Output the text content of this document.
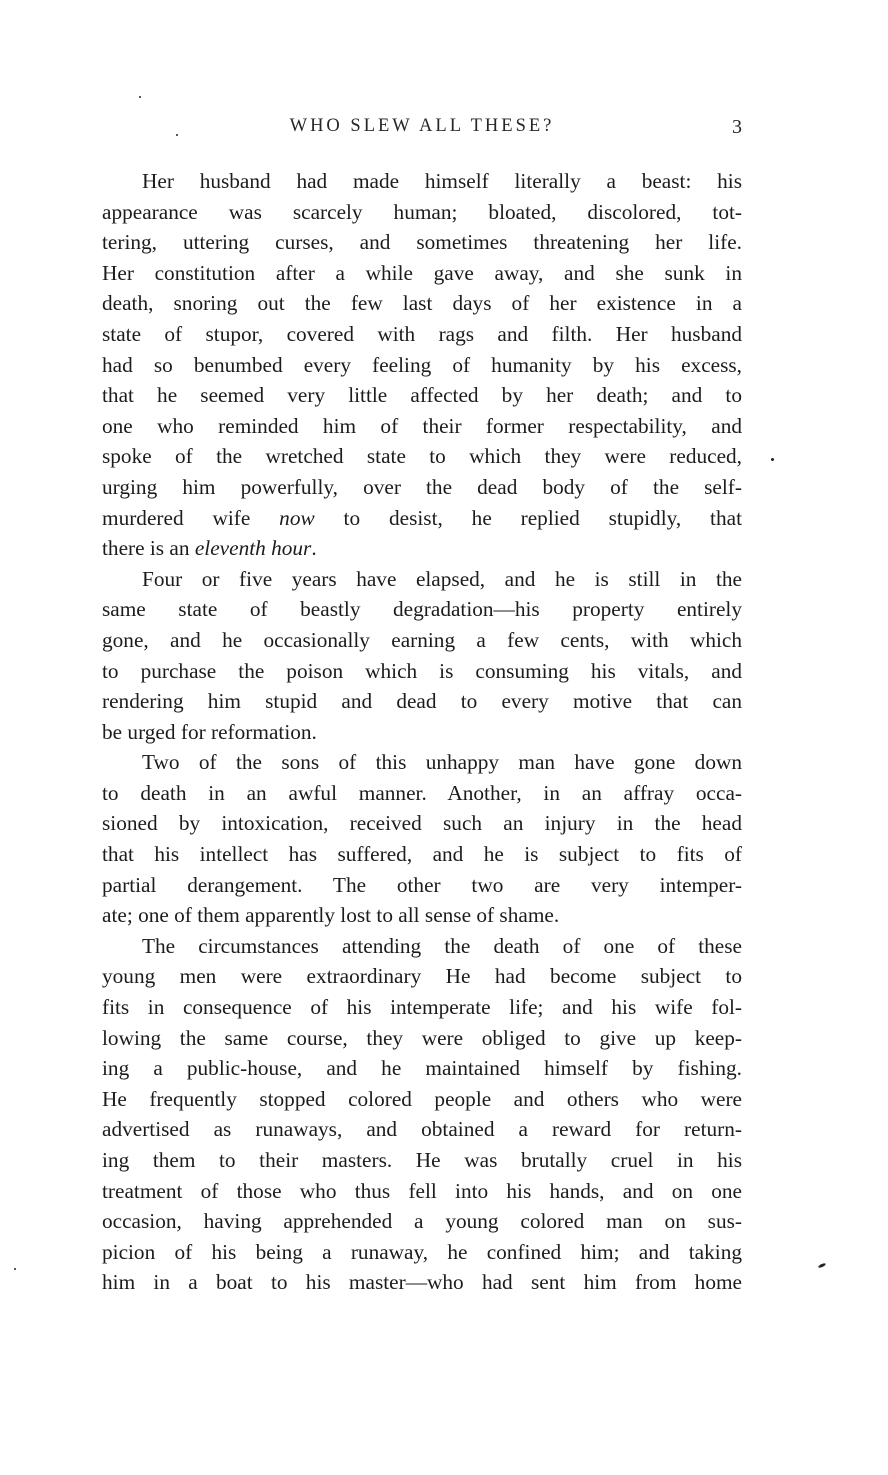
WHO SLEW ALL THESE?	3
Her husband had made himself literally a beast: his
appearance was scarcely human; bloated, discolored, tot-
tering, uttering curses, and sometimes threatening her life.
Her constitution after a while gave away, and she sunk in
death, snoring out the few last days of her existence in a
state of stupor, covered with rags and filth. Her husband
had so benumbed every feeling of humanity by his excess,
that he seemed very little affected by her death; and to
one who reminded him of their former respectability, and
spoke of the wretched state to which they were reduced,
urging him powerfully, over the dead body of the self-
murdered wife now to desist, he replied stupidly, that
there is an eleventh hour.
Four or five years have elapsed, and he is still in the
same state of beastly degradation—his property entirely
gone, and he occasionally earning a few cents, with which
to purchase the poison which is consuming his vitals, and
rendering him stupid and dead to every motive that can
be urged for reformation.
Two of the sons of this unhappy man have gone down
to death in an awful manner. Another, in an affray occa-
sioned by intoxication, received such an injury in the head
that his intellect has suffered, and he is subject to fits of
partial derangement. The other two are very intemper-
ate; one of them apparently lost to all sense of shame.
The circumstances attending the death of one of these
young men were extraordinary He had become subject to
fits in consequence of his intemperate life; and his wife fol-
lowing the same course, they were obliged to give up keep-
ing a public-house, and he maintained himself by fishing.
He frequently stopped colored people and others who were
advertised as runaways, and obtained a reward for return-
ing them to their masters. He was brutally cruel in his
treatment of those who thus fell into his hands, and on one
occasion, having apprehended a young colored man on sus-
picion of his being a runaway, he confined him; and taking
him in a boat to his master—who had sent him from home
